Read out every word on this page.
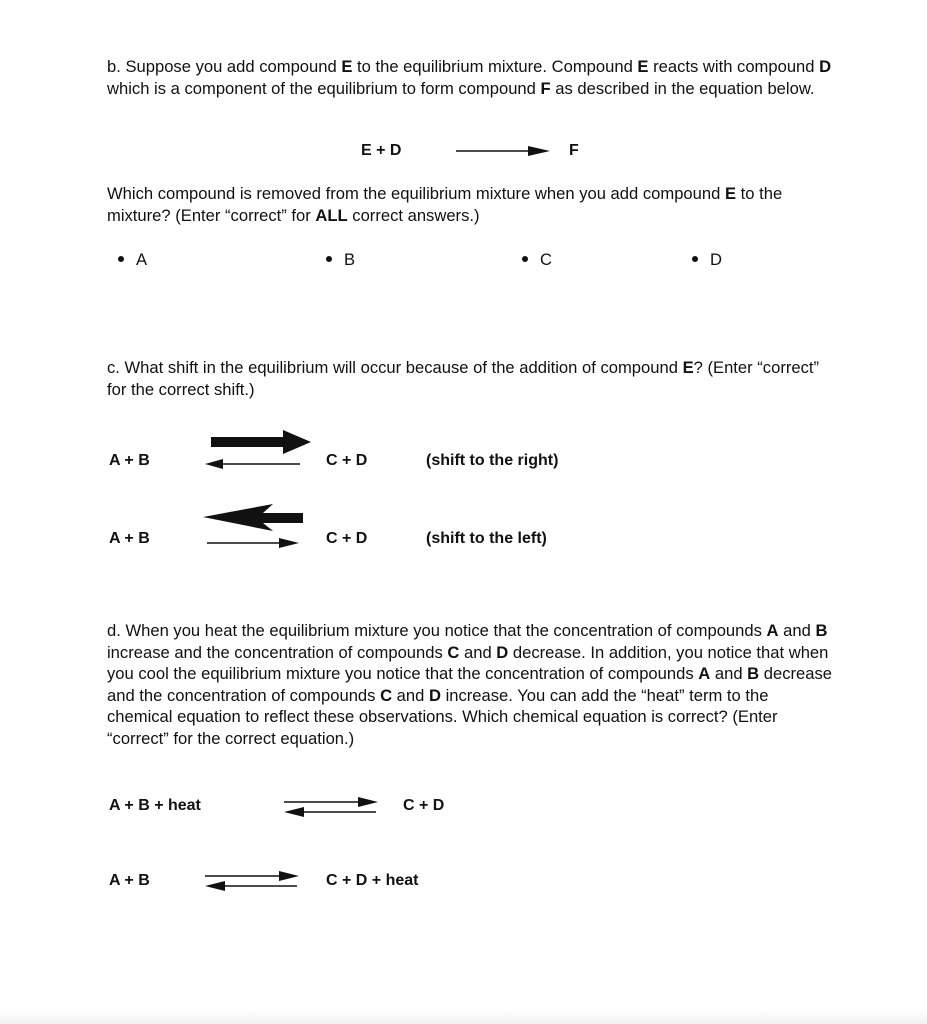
b. Suppose you add compound E to the equilibrium mixture. Compound E reacts with compound D which is a component of the equilibrium to form compound F as described in the equation below.
E + D	F
Which compound is removed from the equilibrium mixture when you add compound E to the mixture? (Enter “correct” for ALL correct answers.)
A	B	C	D
c. What shift in the equilibrium will occur because of the addition of compound E? (Enter “correct” for the correct shift.)
A + B	C + D	(shift to the right)
A + B	C + D	(shift to the left)
d. When you heat the equilibrium mixture you notice that the concentration of compounds A and B increase and the concentration of compounds C and D decrease. In addition, you notice that when you cool the equilibrium mixture you notice that the concentration of compounds A and B decrease and the concentration of compounds C and D increase. You can add the “heat” term to the chemical equation to reflect these observations. Which chemical equation is correct? (Enter “correct” for the correct equation.)
A + B + heat	C + D
A + B	C + D + heat
